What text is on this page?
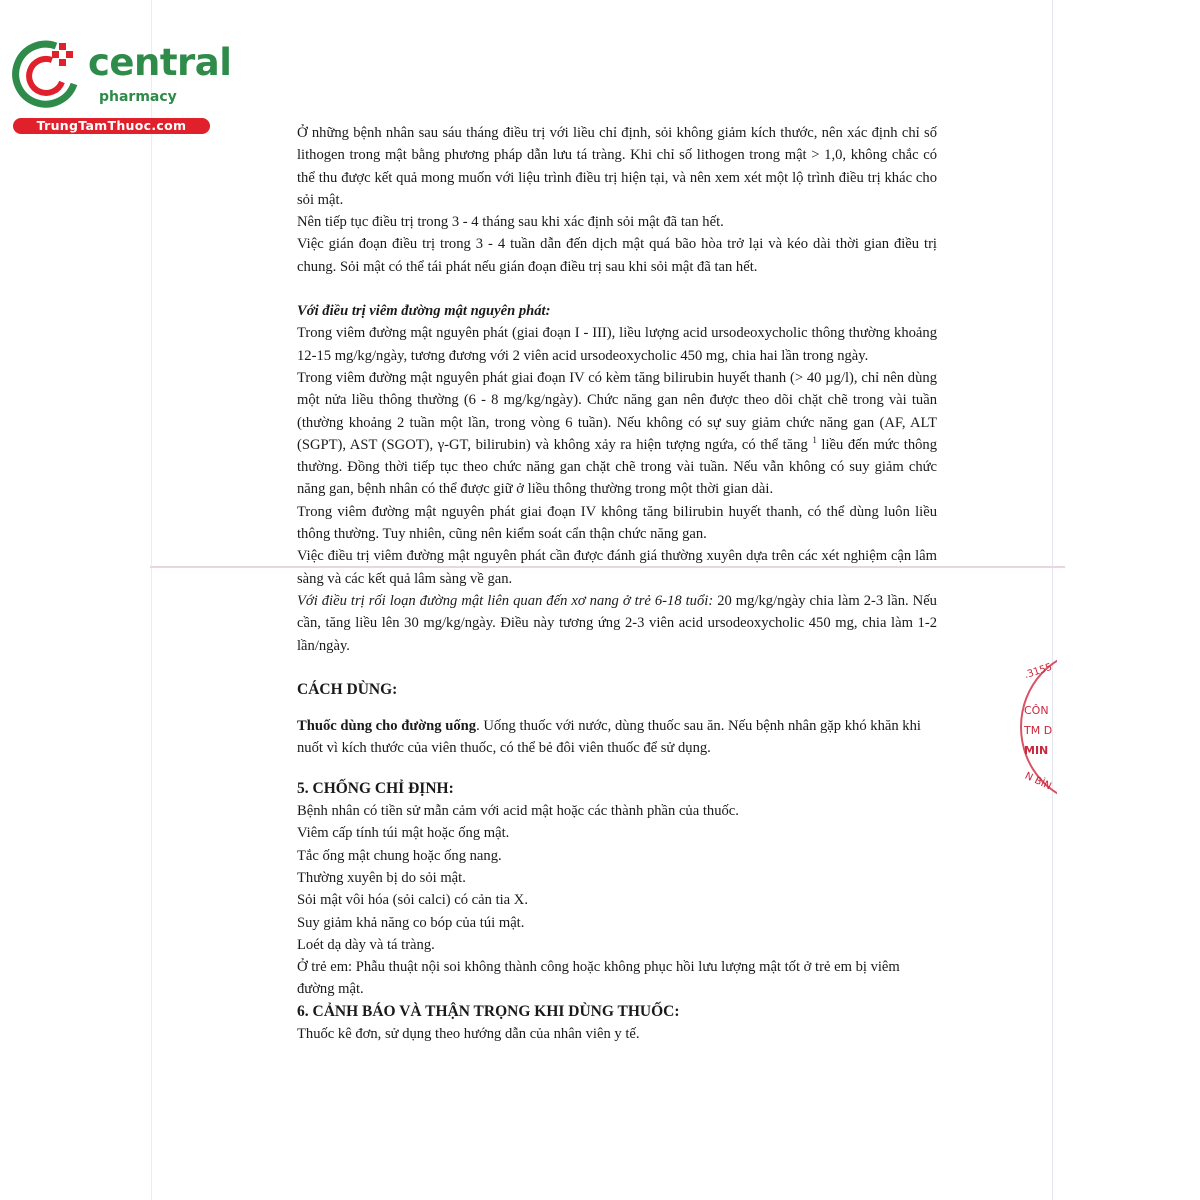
central
pharmacy
TrungTamThuoc.com	Ở những bệnh nhân sau sáu tháng điều trị với liều chỉ định, sỏi không giảm kích thước, nên xác định chỉ số lithogen trong mật bằng phương pháp dẫn lưu tá tràng. Khi chỉ số lithogen trong mật > 1,0, không chắc có thể thu được kết quả mong muốn với liệu trình điều trị hiện tại, và nên xem xét một lộ trình điều trị khác cho sỏi mật.

Nên tiếp tục điều trị trong 3 - 4 tháng sau khi xác định sỏi mật đã tan hết.

Việc gián đoạn điều trị trong 3 - 4 tuần dẫn đến dịch mật quá bão hòa trở lại và kéo dài thời gian điều trị chung. Sỏi mật có thể tái phát nếu gián đoạn điều trị sau khi sỏi mật đã tan hết.

Với điều trị viêm đường mật nguyên phát:

Trong viêm đường mật nguyên phát (giai đoạn I - III), liều lượng acid ursodeoxycholic thông thường khoảng 12-15 mg/kg/ngày, tương đương với 2 viên acid ursodeoxycholic 450 mg, chia hai lần trong ngày.

Trong viêm đường mật nguyên phát giai đoạn IV có kèm tăng bilirubin huyết thanh (> 40 µg/l), chỉ nên dùng một nửa liều thông thường (6 - 8 mg/kg/ngày). Chức năng gan nên được theo dõi chặt chẽ trong vài tuần (thường khoảng 2 tuần một lần, trong vòng 6 tuần). Nếu không có sự suy giảm chức năng gan (AF, ALT (SGPT), AST (SGOT), γ-GT, bilirubin) và không xảy ra hiện tượng ngứa, có thể tăng $^1$ liều đến mức thông thường. Đồng thời tiếp tục theo chức năng gan chặt chẽ trong vài tuần. Nếu vẫn không có suy giảm chức năng gan, bệnh nhân có thể được giữ ở liều thông thường trong một thời gian dài.

Trong viêm đường mật nguyên phát giai đoạn IV không tăng bilirubin huyết thanh, có thể dùng luôn liều thông thường. Tuy nhiên, cũng nên kiểm soát cẩn thận chức năng gan.

Việc điều trị viêm đường mật nguyên phát cần được đánh giá thường xuyên dựa trên các xét nghiệm cận lâm sàng và các kết quả lâm sàng về gan.

Với điều trị rối loạn đường mật liên quan đến xơ nang ở trẻ 6-18 tuổi: 20 mg/kg/ngày chia làm 2-3 lần. Nếu cần, tăng liều lên 30 mg/kg/ngày. Điều này tương ứng 2-3 viên acid ursodeoxycholic 450 mg, chia làm 1-2 lần/ngày.

CÁCH DÙNG:

Thuốc dùng cho đường uống. Uống thuốc với nước, dùng thuốc sau ăn. Nếu bệnh nhân gặp khó khăn khi nuốt vì kích thước của viên thuốc, có thể bẻ đôi viên thuốc để sử dụng.

5. CHỐNG CHỈ ĐỊNH:

Bệnh nhân có tiền sử mẫn cảm với acid mật hoặc các thành phần của thuốc.

Viêm cấp tính túi mật hoặc ống mật.

Tắc ống mật chung hoặc ống nang.

Thường xuyên bị do sỏi mật.

Sỏi mật vôi hóa (sỏi calci) có cản tia X.

Suy giảm khả năng co bóp của túi mật.

Loét dạ dày và tá tràng.

Ở trẻ em: Phẫu thuật nội soi không thành công hoặc không phục hồi lưu lượng mật tốt ở trẻ em bị viêm đường mật.

6. CẢNH BÁO VÀ THẬN TRỌNG KHI DÙNG THUỐC:

Thuốc kê đơn, sử dụng theo hướng dẫn của nhân viên y tế.

.3155
CÔN
TM D
MIN
N BÌN
